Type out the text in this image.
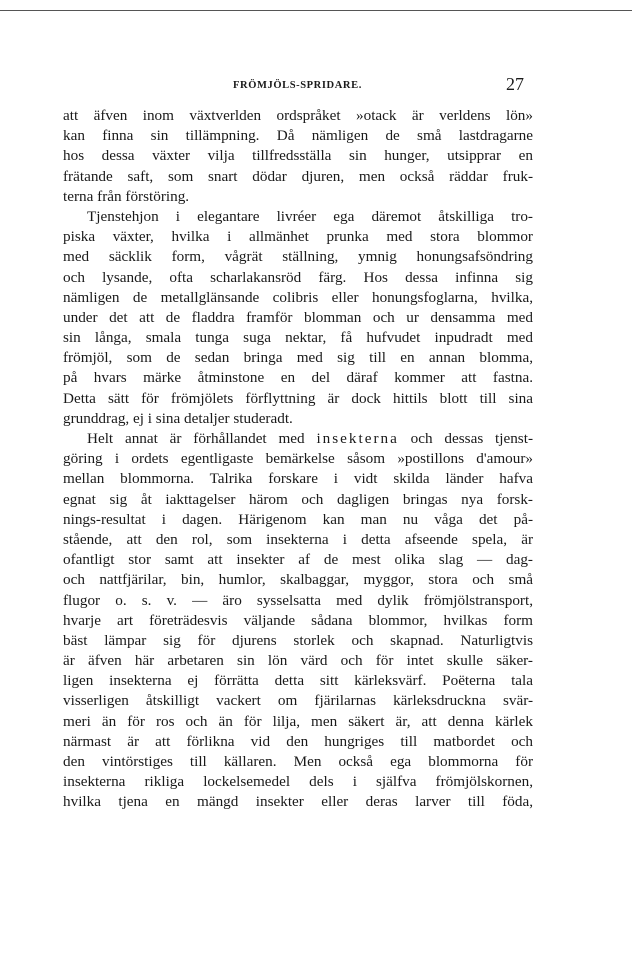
FRÖMJÖLS-SPRIDARE.	27
att äfven inom växtverlden ordspråket »otack är verldens lön»
kan finna sin tillämpning. Då nämligen de små lastdragarne
hos dessa växter vilja tillfredsställa sin hunger, utsipprar en
frätande saft, som snart dödar djuren, men också räddar fruk-
terna från förstöring.
Tjenstehjon i elegantare livréer ega däremot åtskilliga tro-
piska växter, hvilka i allmänhet prunka med stora blommor
med säcklik form, vågrät ställning, ymnig honungsafsöndring
och lysande, ofta scharlakansröd färg. Hos dessa infinna sig
nämligen de metallglänsande colibris eller honungsfoglarna, hvilka,
under det att de fladdra framför blomman och ur densamma med
sin långa, smala tunga suga nektar, få hufvudet inpudradt med
frömjöl, som de sedan bringa med sig till en annan blomma,
på hvars märke åtminstone en del däraf kommer att fastna.
Detta sätt för frömjölets förflyttning är dock hittils blott till sina
grunddrag, ej i sina detaljer studeradt.
Helt annat är förhållandet med insekterna och dessas tjenst-
göring i ordets egentligaste bemärkelse såsom »postillons d'amour»
mellan blommorna. Talrika forskare i vidt skilda länder hafva
egnat sig åt iakttagelser härom och dagligen bringas nya forsk-
nings-resultat i dagen. Härigenom kan man nu våga det på-
stående, att den rol, som insekterna i detta afseende spela, är
ofantligt stor samt att insekter af de mest olika slag — dag-
och nattfjärilar, bin, humlor, skalbaggar, myggor, stora och små
flugor o. s. v. — äro sysselsatta med dylik frömjölstransport,
hvarje art företrädesvis väljande sådana blommor, hvilkas form
bäst lämpar sig för djurens storlek och skapnad. Naturligtvis
är äfven här arbetaren sin lön värd och för intet skulle säker-
ligen insekterna ej förrätta detta sitt kärleksvärf. Poëterna tala
visserligen åtskilligt vackert om fjärilarnas kärleksdruckna svär-
meri än för ros och än för lilja, men säkert är, att denna kärlek
närmast är att förlikna vid den hungriges till matbordet och
den vintörstiges till källaren. Men också ega blommorna för
insekterna rikliga lockelsemedel dels i själfva frömjölskornen,
hvilka tjena en mängd insekter eller deras larver till föda,
